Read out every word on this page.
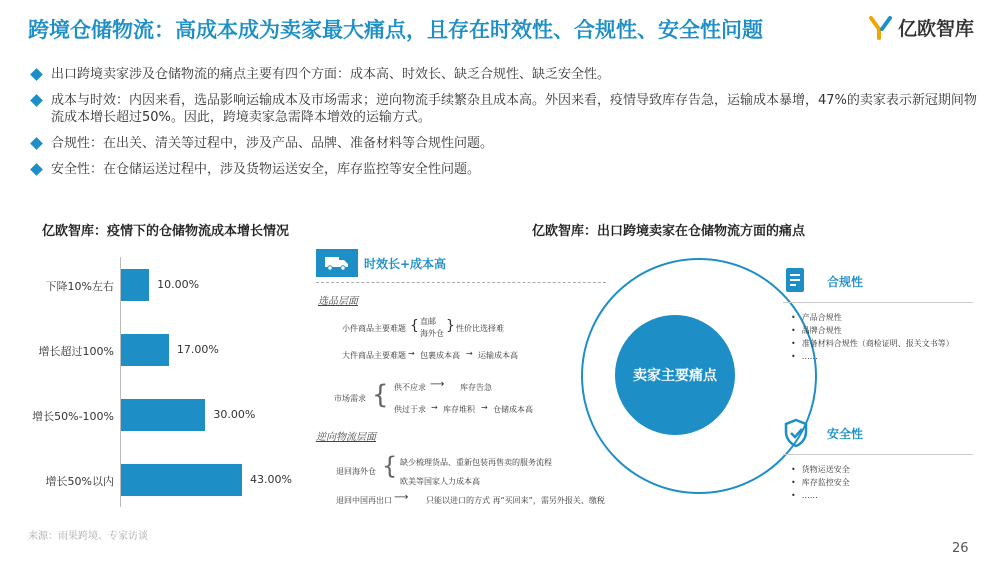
跨境仓储物流：高成本成为卖家最大痛点，且存在时效性、合规性、安全性问题	亿欧智库
出口跨境卖家涉及仓储物流的痛点主要有四个方面：成本高、时效长、缺乏合规性、缺乏安全性。
成本与时效：内因来看，选品影响运输成本及市场需求；逆向物流手续繁杂且成本高。外因来看，疫情导致库存告急，运输成本暴增，47%的卖家表示新冠期间物流成本增长超过50%。因此，跨境卖家急需降本增效的运输方式。
合规性：在出关、清关等过程中，涉及产品、品牌、准备材料等合规性问题。
安全性：在仓储运送过程中，涉及货物运送安全，库存监控等安全性问题。
亿欧智库：疫情下的仓储物流成本增长情况	亿欧智库：出口跨境卖家在仓储物流方面的痛点
下降10%左右	10.00%
增长超过100%	17.00%
增长50%-100%	30.00%
增长50%以内	43.00%
时效长+成本高
选品层面
小件商品主要难题 { 直邮
海外仓 } 性价比选择难
大件商品主要难题 → 包裹成本高 → 运输成本高
市场需求 { 供不应求 ⟶ 库存告急
供过于求 → 库存堆积 → 仓储成本高
逆向物流层面
退回海外仓 { 缺少梳理货品、重新包装再售卖的服务流程
欧美等国家人力成本高
退回中国再出口 ⟶ 只能以进口的方式 再“买回来”，需另外报关、缴税
卖家主要痛点
合规性
• 产品合规性
• 品牌合规性
• 准备材料合规性（商检证明、报关文书等）
• ……
安全性
• 货物运送安全
• 库存监控安全
• ……
来源：雨果跨境、专家访谈
26
